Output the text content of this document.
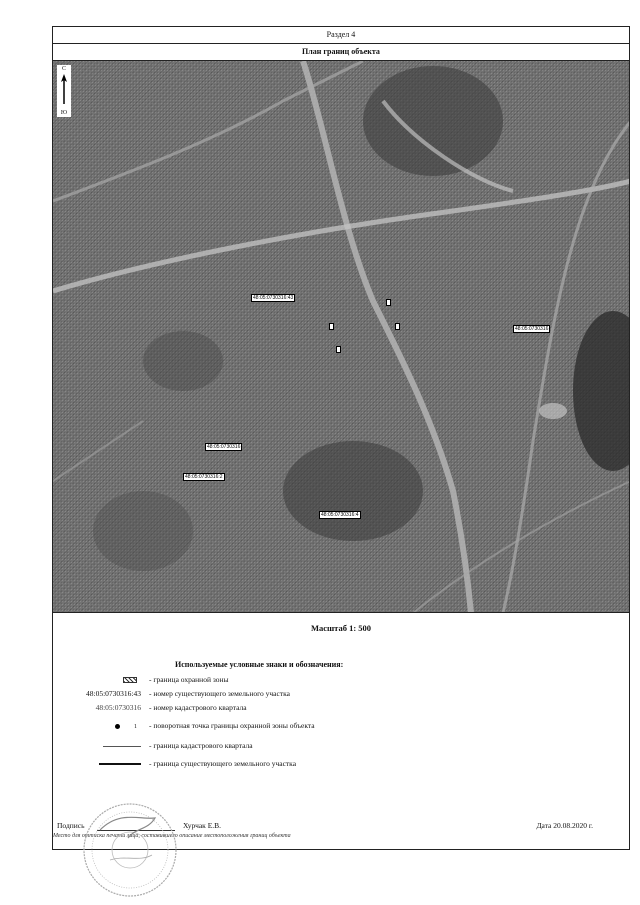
Раздел 4
План границ объекта
С
Ю
48:05:0730316:43
48:05:0730316
48:05:0730316
48:05:0730316:2
48:05:0730316:4
Масштаб 1: 500
Используемые условные знаки и обозначения:
- граница охранной зоны
48:05:0730316:43 - номер существующего земельного участка
48:05:0730316 - номер кадастрового квартала
1	- поворотная точка границы охранной зоны объекта
- граница кадастрового квартала
- граница существующего земельного участка
Подпись	Хурчак Е.В.	Дата 20.08.2020 г.
Место для оттиска печати лица, составившего описание местоположения границ объекта
